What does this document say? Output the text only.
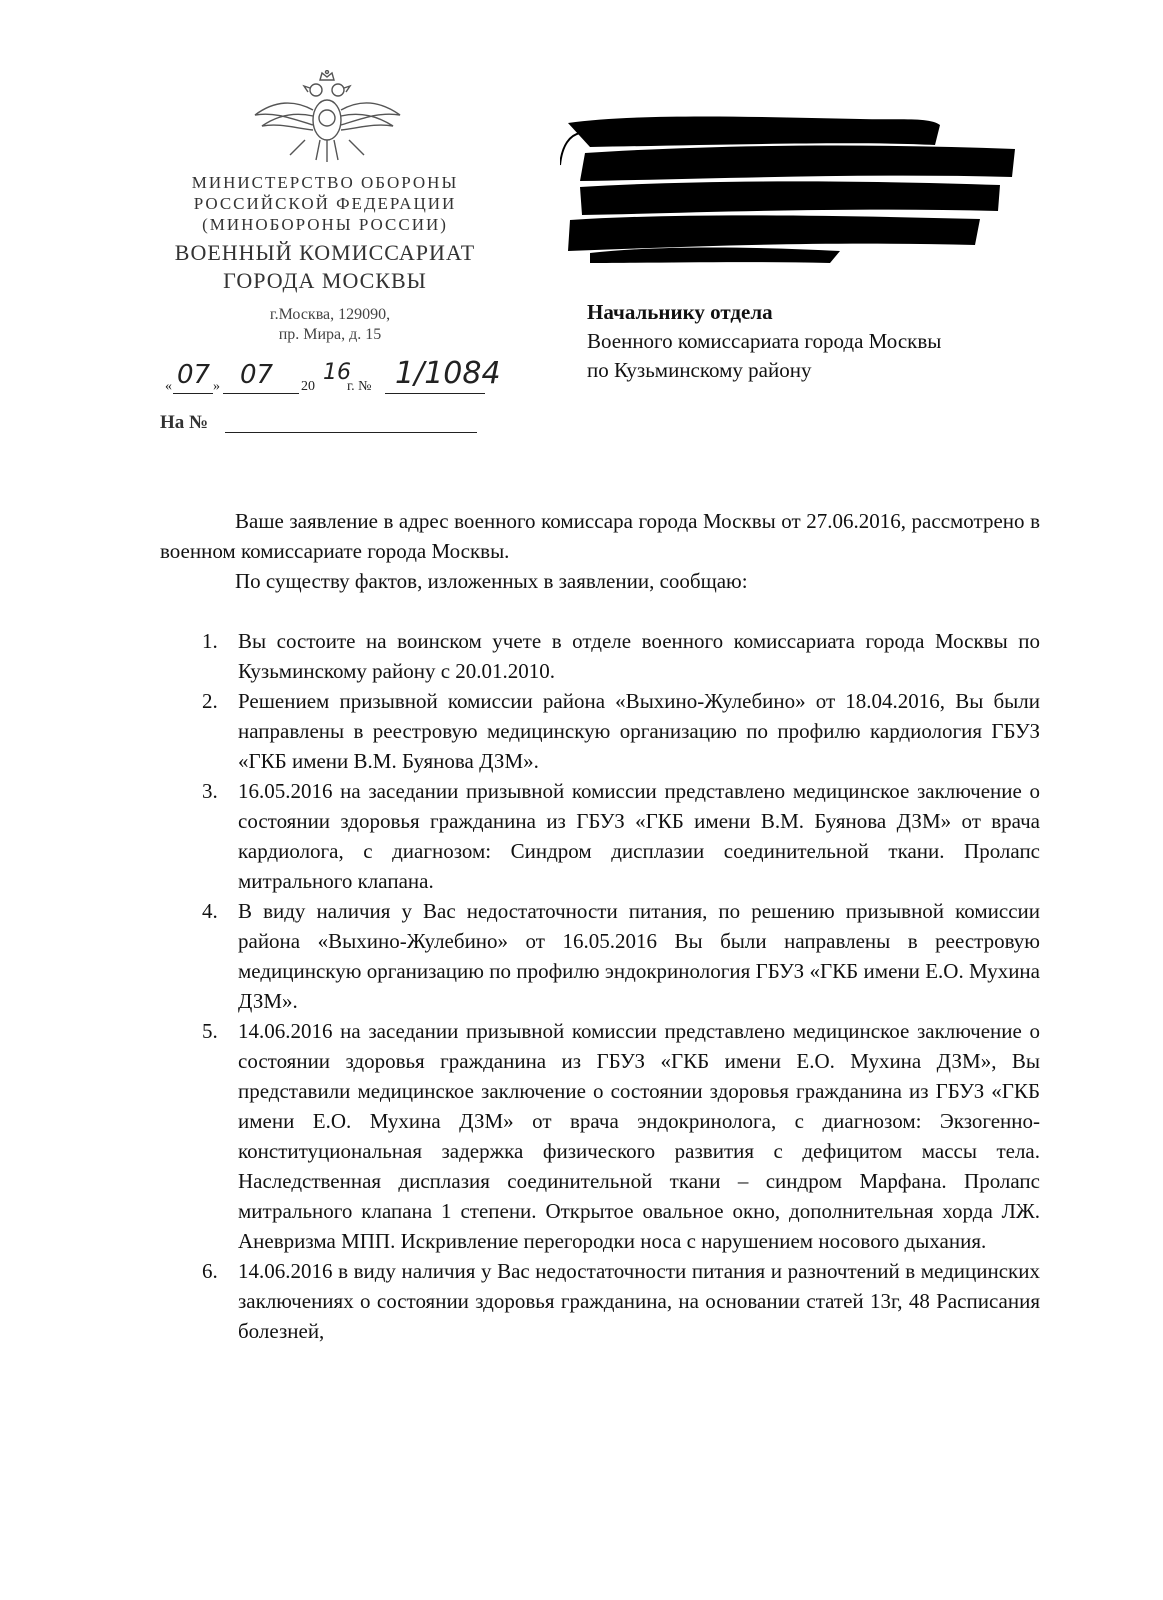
МИНИСТЕРСТВО ОБОРОНЫ
РОССИЙСКОЙ ФЕДЕРАЦИИ
(МИНОБОРОНЫ РОССИИ)
ВОЕННЫЙ КОМИССАРИАТ
ГОРОДА МОСКВЫ
г.Москва, 129090,
пр. Мира, д. 15
« 07 » 07 20
16
г. № 1/1084
На №
Начальнику отдела
Военного комиссариата города Москвы
по Кузьминскому району

Ваше заявление в адрес военного комиссара города Москвы от 27.06.2016, рассмотрено в военном комиссариате города Москвы.

По существу фактов, изложенных в заявлении, сообщаю:

1. Вы состоите на воинском учете в отделе военного комиссариата города Москвы по Кузьминскому району с 20.01.2010.
2. Решением призывной комиссии района «Выхино-Жулебино» от 18.04.2016, Вы были направлены в реестровую медицинскую организацию по профилю кардиология ГБУЗ «ГКБ имени В.М. Буянова ДЗМ».
3. 16.05.2016 на заседании призывной комиссии представлено медицинское заключение о состоянии здоровья гражданина из ГБУЗ «ГКБ имени В.М. Буянова ДЗМ» от врача кардиолога, с диагнозом: Синдром дисплазии соединительной ткани. Пролапс митрального клапана.
4. В виду наличия у Вас недостаточности питания, по решению призывной комиссии района «Выхино-Жулебино» от 16.05.2016 Вы были направлены в реестровую медицинскую организацию по профилю эндокринология ГБУЗ «ГКБ имени Е.О. Мухина ДЗМ».
5. 14.06.2016 на заседании призывной комиссии представлено медицинское заключение о состоянии здоровья гражданина из ГБУЗ «ГКБ имени Е.О. Мухина ДЗМ», Вы представили медицинское заключение о состоянии здоровья гражданина из ГБУЗ «ГКБ имени Е.О. Мухина ДЗМ» от врача эндокринолога, с диагнозом: Экзогенно-конституциональная задержка физического развития с дефицитом массы тела. Наследственная дисплазия соединительной ткани – синдром Марфана. Пролапс митрального клапана 1 степени. Открытое овальное окно, дополнительная хорда ЛЖ. Аневризма МПП. Искривление перегородки носа с нарушением носового дыхания.
6. 14.06.2016 в виду наличия у Вас недостаточности питания и разночтений в медицинских заключениях о состоянии здоровья гражданина, на основании статей 13г, 48 Расписания болезней,
